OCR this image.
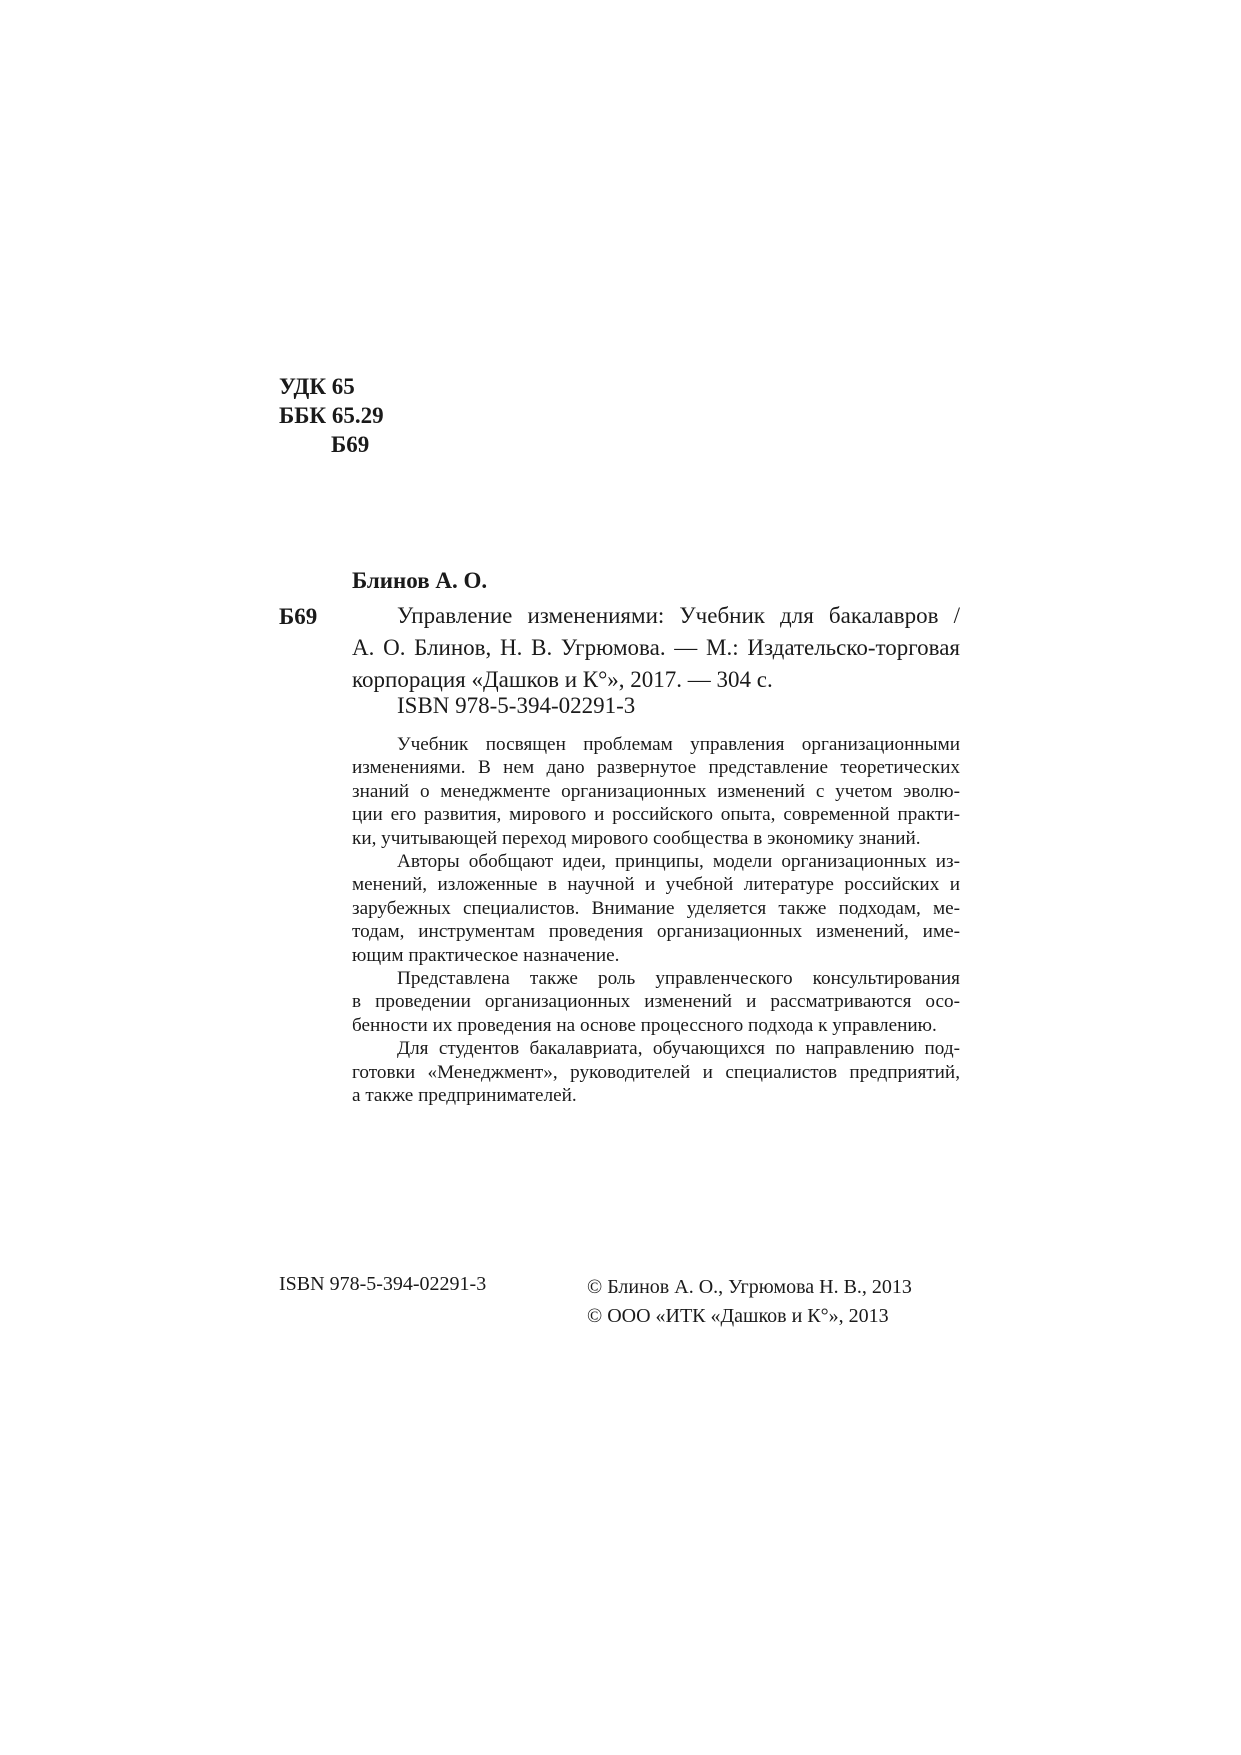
УДК 65
ББК 65.29
Б69
Блинов А. О.
Б69	Управление изменениями: Учебник для бакалавров /
А. О. Блинов, Н. В. Угрюмова. — М.: Издательско-торговая
корпорация «Дашков и К°», 2017. — 304 с.
ISBN 978-5-394-02291-3
Учебник посвящен проблемам управления организационными
изменениями. В нем дано развернутое представление теоретических
знаний о менеджменте организационных изменений с учетом эволю-
ции его развития, мирового и российского опыта, современной практи-
ки, учитывающей переход мирового сообщества в экономику знаний.
Авторы обобщают идеи, принципы, модели организационных из-
менений, изложенные в научной и учебной литературе российских и
зарубежных специалистов. Внимание уделяется также подходам, ме-
тодам, инструментам проведения организационных изменений, име-
ющим практическое назначение.
Представлена также роль управленческого консультирования
в проведении организационных изменений и рассматриваются осо-
бенности их проведения на основе процессного подхода к управлению.
Для студентов бакалавриата, обучающихся по направлению под-
готовки «Менеджмент», руководителей и специалистов предприятий,
а также предпринимателей.
ISBN 978-5-394-02291-3	© Блинов А. О., Угрюмова Н. В., 2013
© ООО «ИТК «Дашков и К°», 2013
